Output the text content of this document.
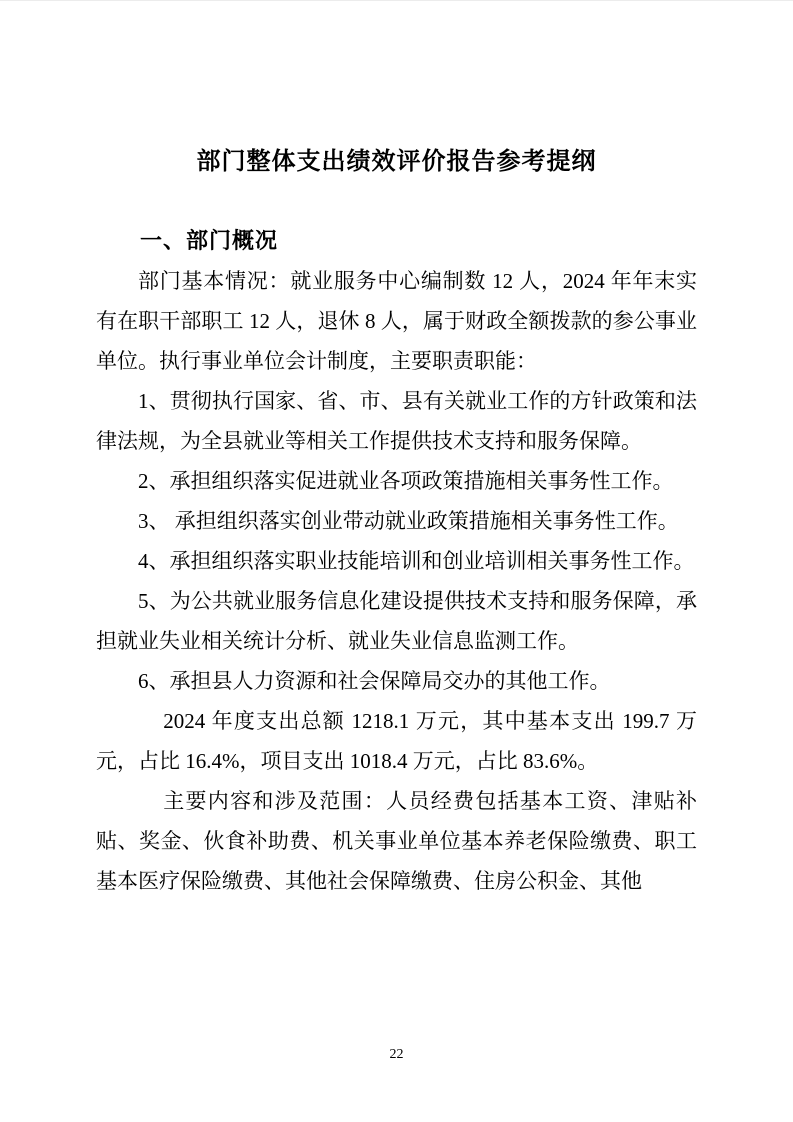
部门整体支出绩效评价报告参考提纲
一、部门概况

部门基本情况：就业服务中心编制数 12 人，2024 年年末实有在职干部职工 12 人，退休 8 人，属于财政全额拨款的参公事业单位。执行事业单位会计制度，主要职责职能：

1、贯彻执行国家、省、市、县有关就业工作的方针政策和法律法规，为全县就业等相关工作提供技术支持和服务保障。

2、承担组织落实促进就业各项政策措施相关事务性工作。

3、 承担组织落实创业带动就业政策措施相关事务性工作。

4、承担组织落实职业技能培训和创业培训相关事务性工作。

5、为公共就业服务信息化建设提供技术支持和服务保障，承担就业失业相关统计分析、就业失业信息监测工作。

6、承担县人力资源和社会保障局交办的其他工作。

2024 年度支出总额 1218.1 万元，其中基本支出 199.7 万元，占比 16.4%，项目支出 1018.4 万元，占比 83.6%。

主要内容和涉及范围：人员经费包括基本工资、津贴补贴、奖金、伙食补助费、机关事业单位基本养老保险缴费、职工基本医疗保险缴费、其他社会保障缴费、住房公积金、其他

22
